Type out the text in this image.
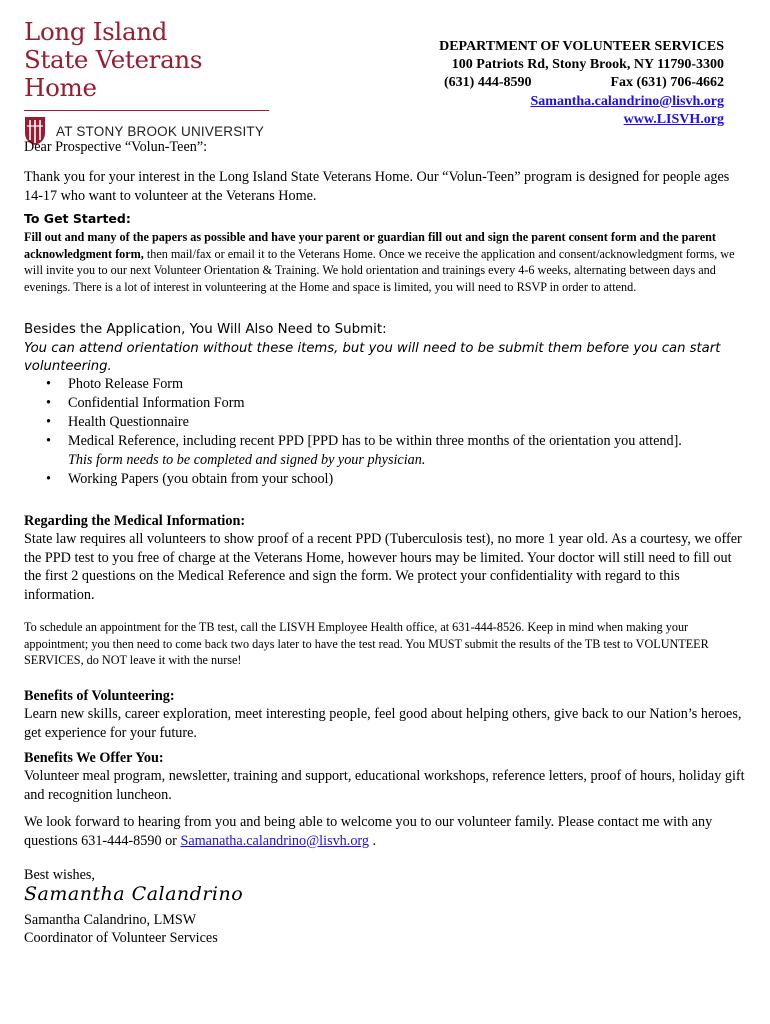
Long Island
State Veterans Home
AT STONY BROOK UNIVERSITY
DEPARTMENT OF VOLUNTEER SERVICES
100 Patriots Rd, Stony Brook, NY 11790-3300
(631) 444-8590	Fax (631) 706-4662
Samantha.calandrino@lisvh.org
www.LISVH.org

Dear Prospective “Volun-Teen”:

Thank you for your interest in the Long Island State Veterans Home. Our “Volun-Teen” program is designed for people ages 14-17 who want to volunteer at the Veterans Home.

To Get Started:

Fill out and many of the papers as possible and have your parent or guardian fill out and sign the parent consent form and the parent acknowledgment form, then mail/fax or email it to the Veterans Home. Once we receive the application and consent/acknowledgment forms, we will invite you to our next Volunteer Orientation & Training. We hold orientation and trainings every 4-6 weeks, alternating between days and evenings. There is a lot of interest in volunteering at the Home and space is limited, you will need to RSVP in order to attend.

Besides the Application, You Will Also Need to Submit:

You can attend orientation without these items, but you will need to be submit them before you can start volunteering.

• Photo Release Form
• Confidential Information Form
• Health Questionnaire
• Medical Reference, including recent PPD [PPD has to be within three months of the orientation you attend].
This form needs to be completed and signed by your physician.
• Working Papers (you obtain from your school)

Regarding the Medical Information:

State law requires all volunteers to show proof of a recent PPD (Tuberculosis test), no more 1 year old. As a courtesy, we offer the PPD test to you free of charge at the Veterans Home, however hours may be limited. Your doctor will still need to fill out the first 2 questions on the Medical Reference and sign the form. We protect your confidentiality with regard to this information.

To schedule an appointment for the TB test, call the LISVH Employee Health office, at 631-444-8526. Keep in mind when making your appointment; you then need to come back two days later to have the test read. You MUST submit the results of the TB test to VOLUNTEER SERVICES, do NOT leave it with the nurse!

Benefits of Volunteering:

Learn new skills, career exploration, meet interesting people, feel good about helping others, give back to our Nation’s heroes, get experience for your future.

Benefits We Offer You:

Volunteer meal program, newsletter, training and support, educational workshops, reference letters, proof of hours, holiday gift and recognition luncheon.

We look forward to hearing from you and being able to welcome you to our volunteer family. Please contact me with any questions 631-444-8590 or Samanatha.calandrino@lisvh.org .

Best wishes,

Samantha Calandrino

Samantha Calandrino, LMSW

Coordinator of Volunteer Services
